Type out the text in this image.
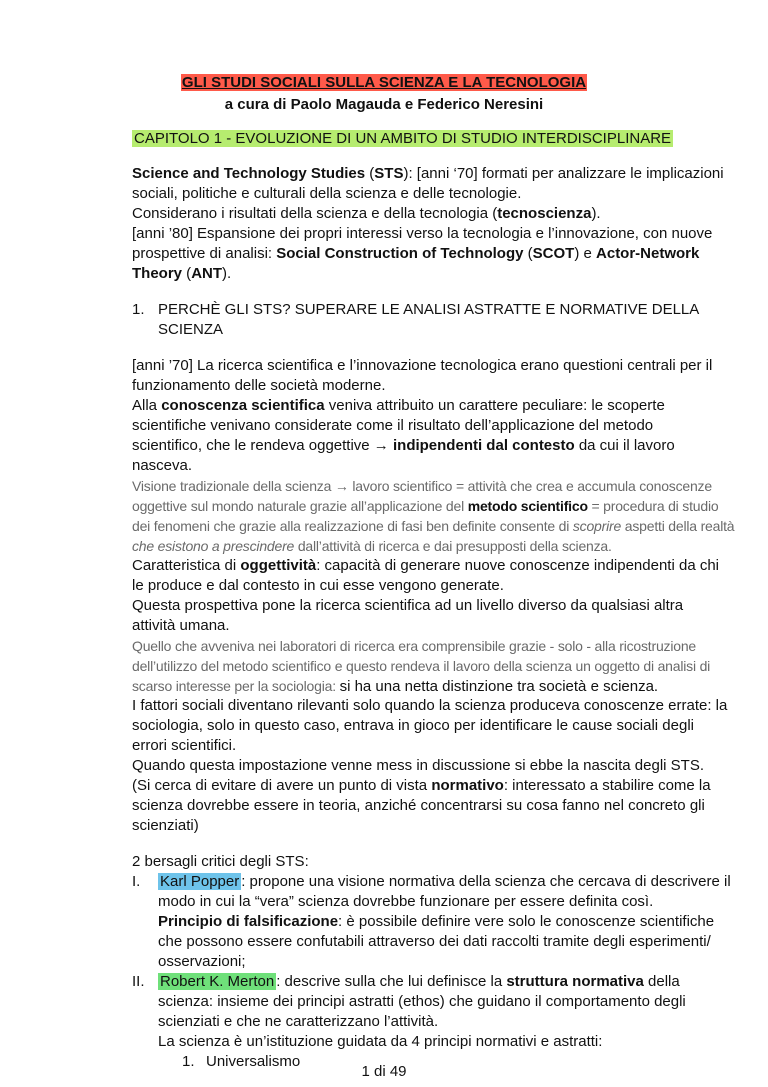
GLI STUDI SOCIALI SULLA SCIENZA E LA TECNOLOGIA
a cura di Paolo Magauda e Federico Neresini
CAPITOLO 1 - EVOLUZIONE DI UN AMBITO DI STUDIO INTERDISCIPLINARE
Science and Technology Studies (STS): [anni ‘70] formati per analizzare le implicazioni
sociali, politiche e culturali della scienza e delle tecnologie.
Considerano i risultati della scienza e della tecnologia (tecnoscienza).
[anni ’80] Espansione dei propri interessi verso la tecnologia e l’innovazione, con nuove
prospettive di analisi: Social Construction of Technology (SCOT) e Actor-Network
Theory (ANT).
1. PERCHÈ GLI STS? SUPERARE LE ANALISI ASTRATTE E NORMATIVE DELLA
SCIENZA
[anni ’70] La ricerca scientifica e l’innovazione tecnologica erano questioni centrali per il
funzionamento delle società moderne.
Alla conoscenza scientifica veniva attribuito un carattere peculiare: le scoperte
scientifiche venivano considerate come il risultato dell’applicazione del metodo
scientifico, che le rendeva oggettive → indipendenti dal contesto da cui il lavoro
nasceva.
Visione tradizionale della scienza → lavoro scientifico = attività che crea e accumula conoscenze
oggettive sul mondo naturale grazie all’applicazione del metodo scientifico = procedura di studio
dei fenomeni che grazie alla realizzazione di fasi ben definite consente di scoprire aspetti della realtà
che esistono a prescindere dall’attività di ricerca e dai presupposti della scienza.
Caratteristica di oggettività: capacità di generare nuove conoscenze indipendenti da chi
le produce e dal contesto in cui esse vengono generate.
Questa prospettiva pone la ricerca scientifica ad un livello diverso da qualsiasi altra
attività umana.
Quello che avveniva nei laboratori di ricerca era comprensibile grazie - solo - alla ricostruzione
dell’utilizzo del metodo scientifico e questo rendeva il lavoro della scienza un oggetto di analisi di
scarso interesse per la sociologia: si ha una netta distinzione tra società e scienza.
I fattori sociali diventano rilevanti solo quando la scienza produceva conoscenze errate: la
sociologia, solo in questo caso, entrava in gioco per identificare le cause sociali degli
errori scientifici.
Quando questa impostazione venne mess in discussione si ebbe la nascita degli STS.
(Si cerca di evitare di avere un punto di vista normativo: interessato a stabilire come la
scienza dovrebbe essere in teoria, anziché concentrarsi su cosa fanno nel concreto gli
scienziati)
2 bersagli critici degli STS:
I. Karl Popper : propone una visione normativa della scienza che cercava di descrivere il
modo in cui la “vera” scienza dovrebbe funzionare per essere definita così.
Principio di falsificazione: è possibile definire vere solo le conoscenze scientifiche
che possono essere confutabili attraverso dei dati raccolti tramite degli esperimenti/
osservazioni;
II. Robert K. Merton : descrive sulla che lui definisce la struttura normativa della
scienza: insieme dei principi astratti (ethos) che guidano il comportamento degli
scienziati e che ne caratterizzano l’attività.
La scienza è un’istituzione guidata da 4 principi normativi e astratti:
1. Universalismo
1 di 49
